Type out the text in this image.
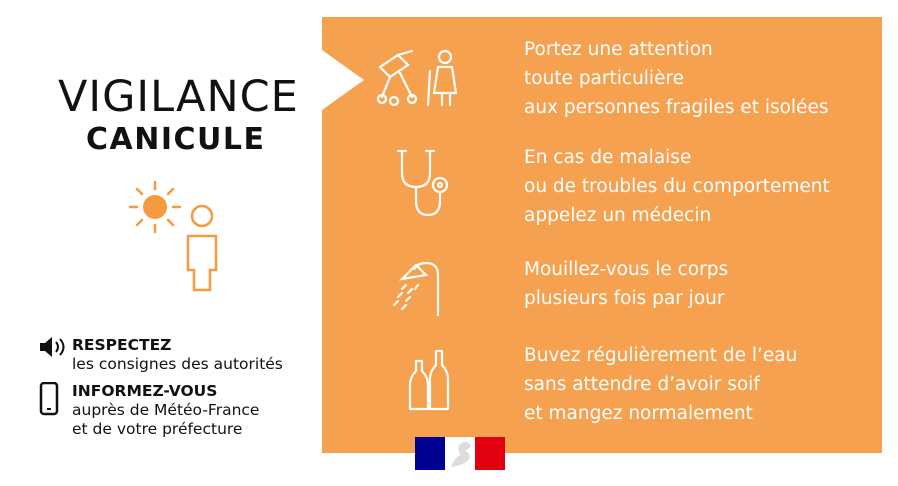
VIGILANCE
CANICULE
RESPECTEZ
les consignes des autorités
INFORMEZ-VOUS
auprès de Météo-France
et de votre préfecture
Portez une attention
toute particulière
aux personnes fragiles et isolées
En cas de malaise
ou de troubles du comportement
appelez un médecin
Mouillez-vous le corps
plusieurs fois par jour
Buvez régulièrement de l’eau
sans attendre d’avoir soif
et mangez normalement
